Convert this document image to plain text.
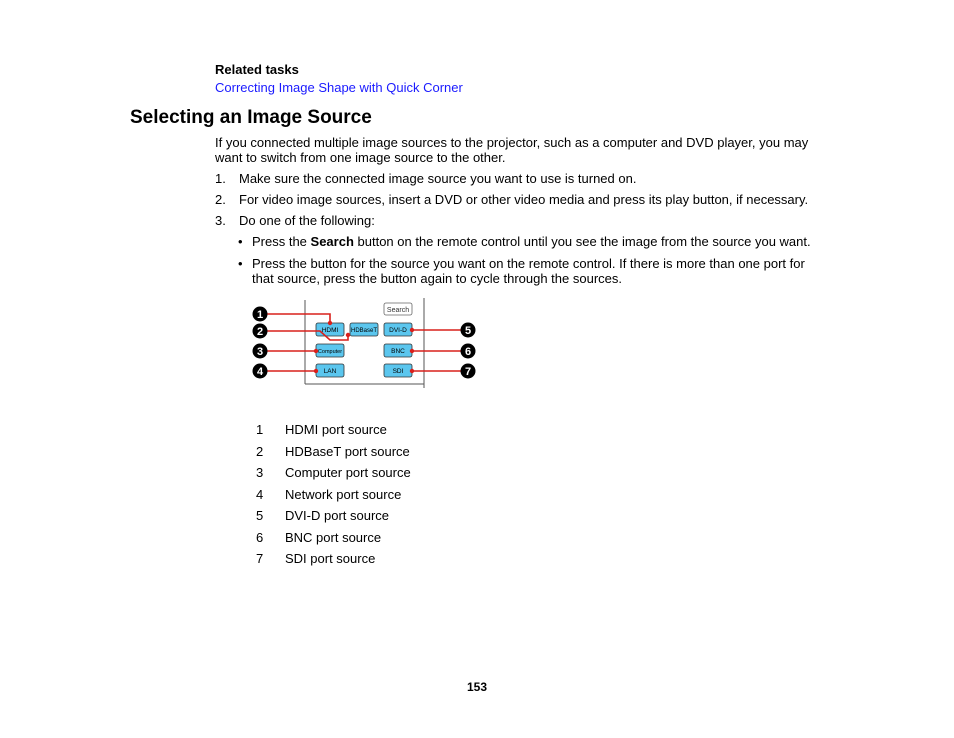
Related tasks
Correcting Image Shape with Quick Corner
Selecting an Image Source
If you connected multiple image sources to the projector, such as a computer and DVD player, you may want to switch from one image source to the other.
1. Make sure the connected image source you want to use is turned on.
2. For video image sources, insert a DVD or other video media and press its play button, if necessary.
3. Do one of the following:
• Press the Search button on the remote control until you see the image from the source you want.
• Press the button for the source you want on the remote control. If there is more than one port for that source, press the button again to cycle through the sources.
Search
HDMI HDBaseT DVI-D
Computer	BNC
LAN	SDI
1
2
3
4
5
6
7
1 HDMI port source
2 HDBaseT port source
3 Computer port source
4 Network port source
5 DVI-D port source
6 BNC port source
7 SDI port source
153
